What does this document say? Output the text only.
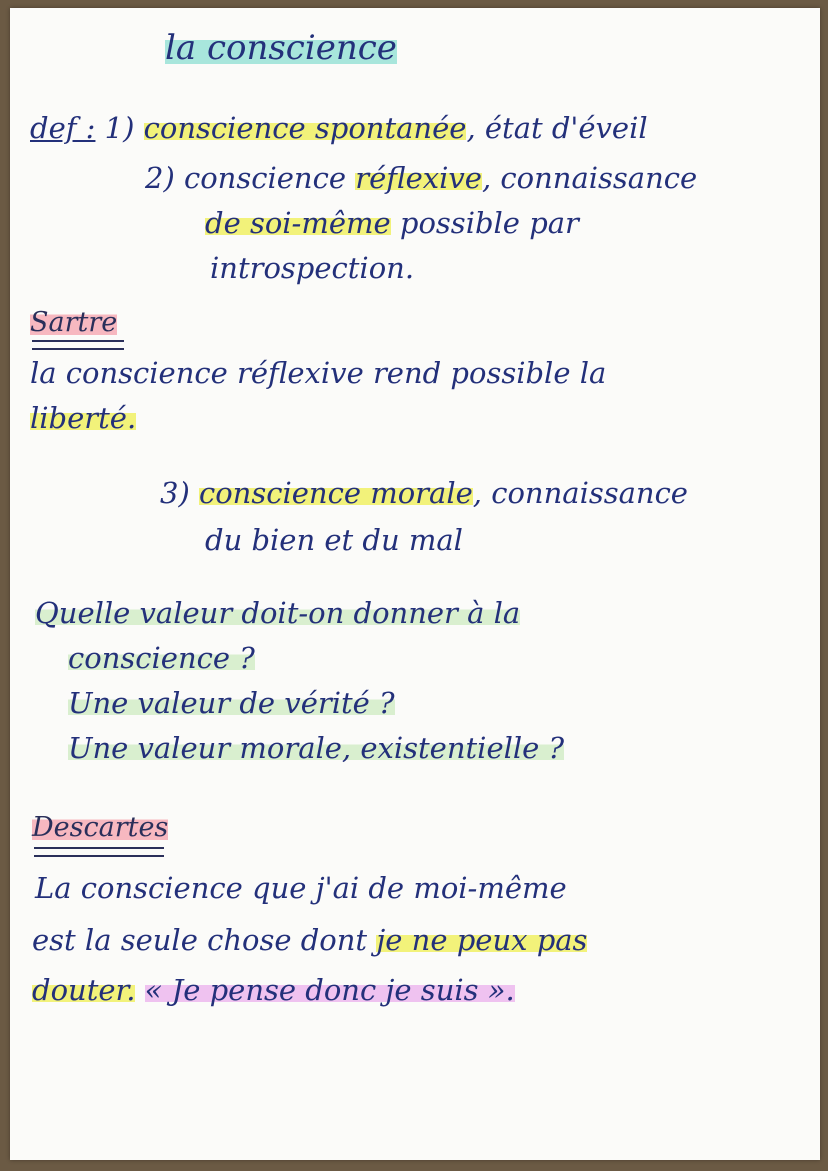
la conscience
def : 1) conscience spontanée, état d'éveil
2) conscience réflexive, connaissance
de soi-même possible par
introspection.
Sartre
la conscience réflexive rend possible la
liberté.
3) conscience morale, connaissance
du bien et du mal
Quelle valeur doit-on donner à la
conscience ?
Une valeur de vérité ?
Une valeur morale, existentielle ?
Descartes
La conscience que j'ai de moi-même
est la seule chose dont je ne peux pas
douter. « Je pense donc je suis ».
